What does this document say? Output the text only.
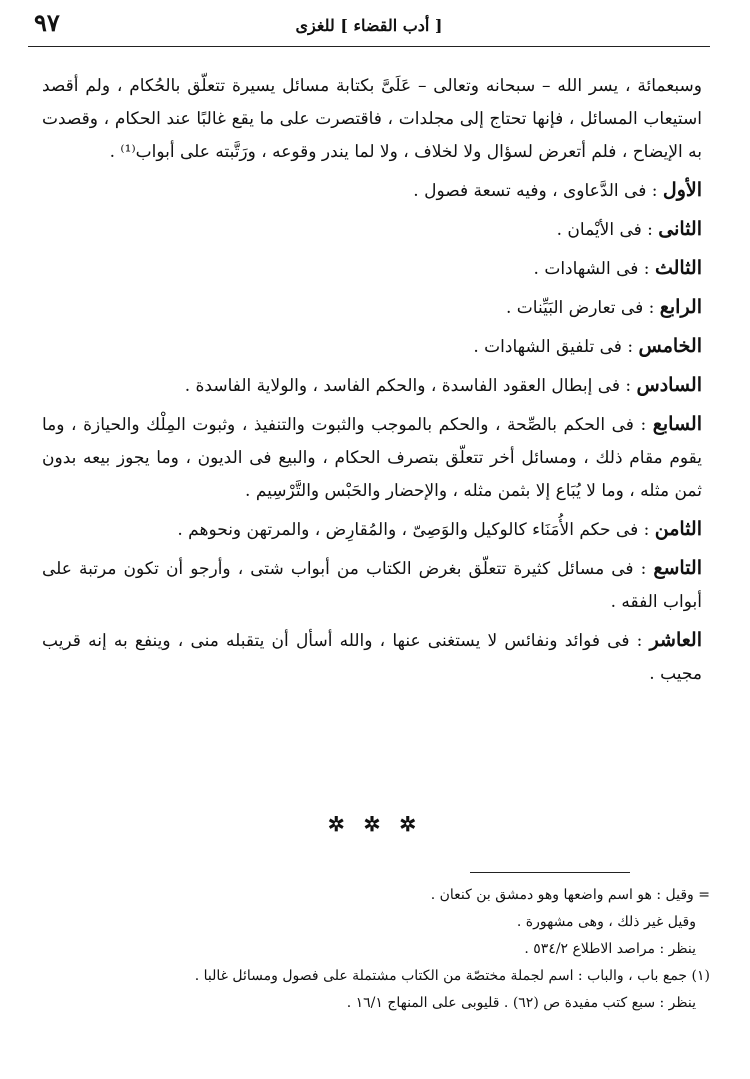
٩٧	[ أدب القضاء ] للغزى

وسبعمائة ، يسر الله – سبحانه وتعالى – عَلَىَّ بكتابة مسائل يسيرة تتعلّق بالحُكام ، ولم أقصد استيعاب المسائل ، فإنها تحتاج إلى مجلدات ، فاقتصرت على ما يقع غالبًا عند الحكام ، وقصدت به الإيضاح ، فلم أتعرض لسؤال ولا لخلاف ، ولا لما يندر وقوعه ، ورَتَّبته على أبواب⁽¹⁾ .

الأول : فى الدَّعاوى ، وفيه تسعة فصول .

الثانى : فى الأيْمان .

الثالث : فى الشهادات .

الرابع : فى تعارض البَيِّنات .

الخامس : فى تلفيق الشهادات .

السادس : فى إبطال العقود الفاسدة ، والحكم الفاسد ، والولاية الفاسدة .

السابع : فى الحكم بالصِّحة ، والحكم بالموجب والثبوت والتنفيذ ، وثبوت المِلْك والحيازة ، وما يقوم مقام ذلك ، ومسائل أخر تتعلّق بتصرف الحكام ، والبيع فى الديون ، وما يجوز بيعه بدون ثمن مثله ، وما لا يُبَاع إلا بثمن مثله ، والإحضار والحَبْس والتَّرْسِيم .

الثامن : فى حكم الأُمَنَاء كالوكيل والوَصِىّ ، والمُقارِض ، والمرتهن ونحوهم .

التاسع : فى مسائل كثيرة تتعلّق بغرض الكتاب من أبواب شتى ، وأرجو أن تكون مرتبة على أبواب الفقه .

العاشر : فى فوائد ونفائس لا يستغنى عنها ، والله أسأل أن يتقبله منى ، وينفع به إنه قريب مجيب .

✲ ✲ ✲

= وقيل : هو اسم واضعها وهو دمشق بن كنعان .

وقيل غير ذلك ، وهى مشهورة .

ينظر : مراصد الاطلاع ٥٣٤/٢ .

(١) جمع باب ، والباب : اسم لجملة مختصّة من الكتاب مشتملة على فصول ومسائل غالبا .

ينظر : سبع كتب مفيدة ص (٦٢) . قليوبى على المنهاج ١٦/١ .
